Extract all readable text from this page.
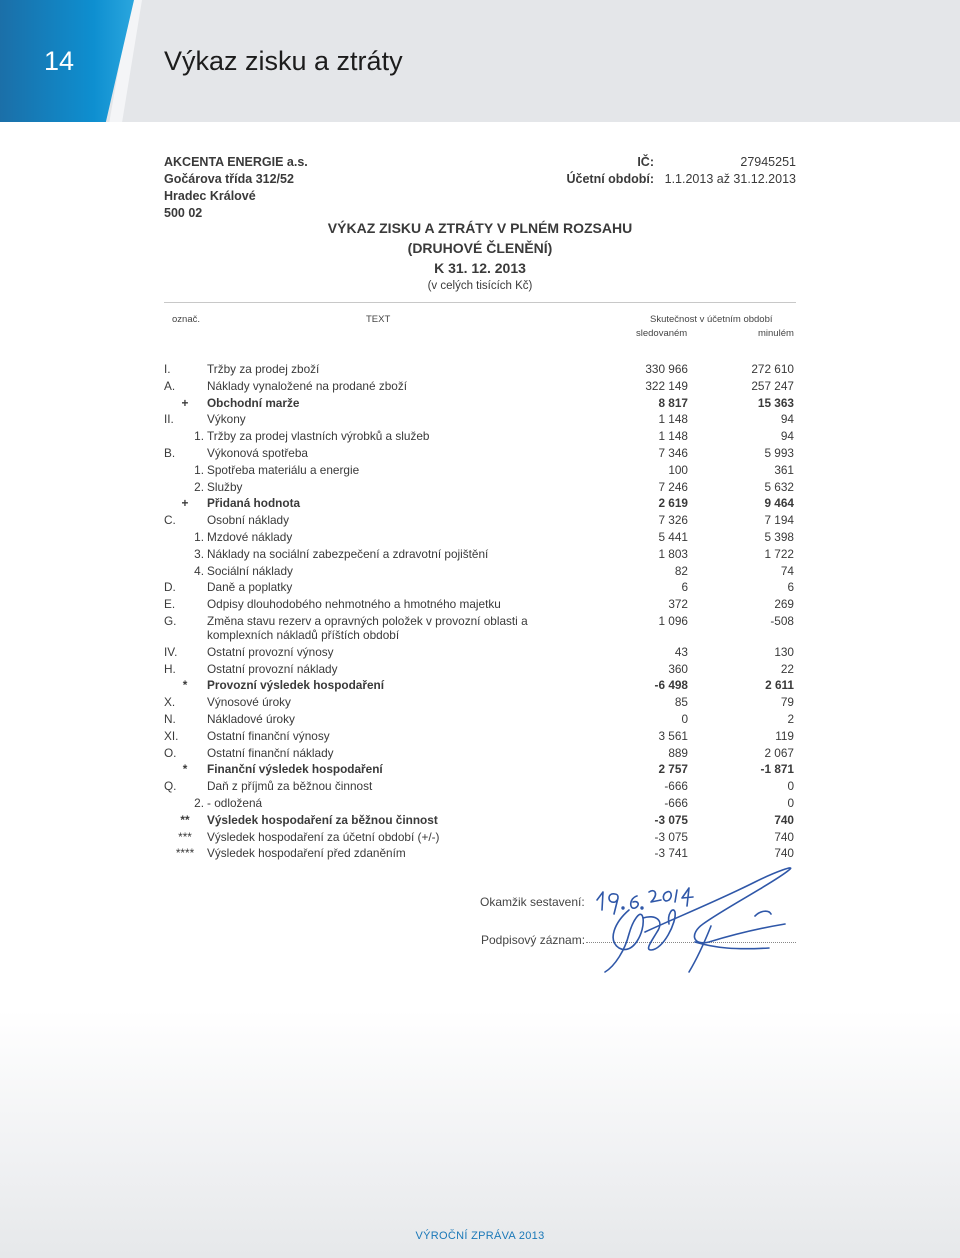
14	Výkaz zisku a ztráty
AKCENTA ENERGIE a.s.
Gočárova třída 312/52
Hradec Králové
500 02
IČ:	27945251
Účetní období: 1.1.2013 až 31.12.2013
VÝKAZ ZISKU A ZTRÁTY V PLNÉM ROZSAHU
(DRUHOVÉ ČLENĚNÍ)
K 31. 12. 2013
(v celých tisících Kč)
označ.	TEXT	Skutečnost v účetním období
sledovaném	minulém
I.	Tržby za prodej zboží	330 966	272 610
A.	Náklady vynaložené na prodané zboží	322 149	257 247
+	Obchodní marže	8 817	15 363
II.	Výkony	1 148	94
1. Tržby za prodej vlastních výrobků a služeb	1 148	94
B.	Výkonová spotřeba	7 346	5 993
1. Spotřeba materiálu a energie	100	361
2. Služby	7 246	5 632
+	Přidaná hodnota	2 619	9 464
C.	Osobní náklady	7 326	7 194
1. Mzdové náklady	5 441	5 398
3. Náklady na sociální zabezpečení a zdravotní pojištění	1 803	1 722
4. Sociální náklady	82	74
D.	Daně a poplatky	6	6
E.	Odpisy dlouhodobého nehmotného a hmotného majetku	372	269
G.	Změna stavu rezerv a opravných položek v provozní oblasti a komplexních nákladů příštích období
1 096	-508
IV.	Ostatní provozní výnosy	43	130
H.	Ostatní provozní náklady	360	22
*	Provozní výsledek hospodaření	-6 498	2 611
X.	Výnosové úroky	85	79
N.	Nákladové úroky	0	2
XI.	Ostatní finanční výnosy	3 561	119
O.	Ostatní finanční náklady	889	2 067
*	Finanční výsledek hospodaření	2 757	-1 871
Q.	Daň z příjmů za běžnou činnost	-666	0
2. - odložená	-666	0
**	Výsledek hospodaření za běžnou činnost	-3 075	740
***	Výsledek hospodaření za účetní období (+/-)	-3 075	740
****	Výsledek hospodaření před zdaněním	-3 741	740
Okamžik sestavení:
Podpisový záznam:
VÝROČNÍ ZPRÁVA 2013
